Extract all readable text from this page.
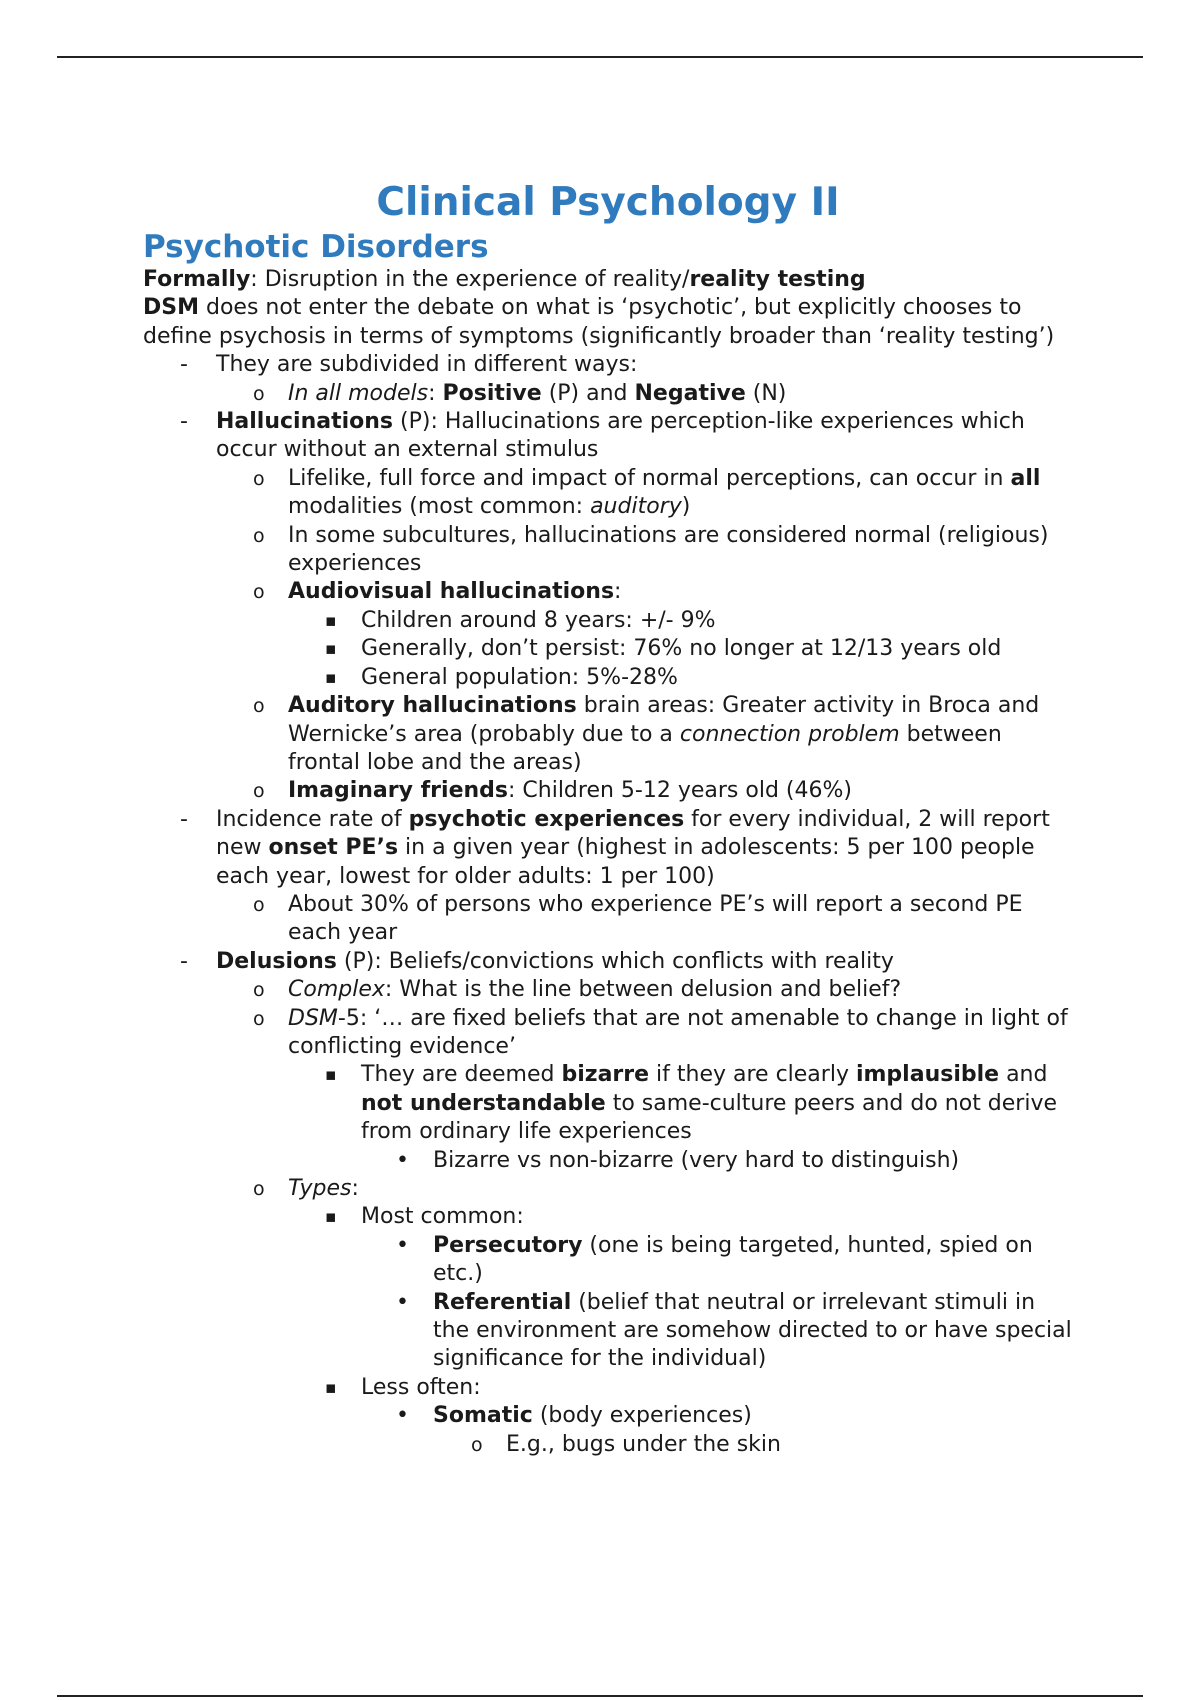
Clinical Psychology II
Psychotic Disorders

Formally: Disruption in the experience of reality/reality testing

DSM does not enter the debate on what is ‘psychotic’, but explicitly chooses to define psychosis in terms of symptoms (significantly broader than ‘reality testing’)

- They are subdivided in different ways:
o In all models: Positive (P) and Negative (N)
- Hallucinations (P): Hallucinations are perception-like experiences which occur without an external stimulus
o Lifelike, full force and impact of normal perceptions, can occur in all modalities (most common: auditory)
o In some subcultures, hallucinations are considered normal (religious) experiences
o Audiovisual hallucinations:
▪ Children around 8 years: +/- 9%
▪ Generally, don’t persist: 76% no longer at 12/13 years old
▪ General population: 5%-28%
o Auditory hallucinations brain areas: Greater activity in Broca and Wernicke’s area (probably due to a connection problem between frontal lobe and the areas)
o Imaginary friends: Children 5-12 years old (46%)
- Incidence rate of psychotic experiences for every individual, 2 will report new onset PE’s in a given year (highest in adolescents: 5 per 100 people each year, lowest for older adults: 1 per 100)
o About 30% of persons who experience PE’s will report a second PE each year
- Delusions (P): Beliefs/convictions which conflicts with reality
o Complex: What is the line between delusion and belief?
o DSM-5: ‘… are fixed beliefs that are not amenable to change in light of conflicting evidence’
▪ They are deemed bizarre if they are clearly implausible and not understandable to same-culture peers and do not derive from ordinary life experiences
• Bizarre vs non-bizarre (very hard to distinguish)
o Types:
▪ Most common:
• Persecutory (one is being targeted, hunted, spied on etc.)
• Referential (belief that neutral or irrelevant stimuli in the environment are somehow directed to or have special significance for the individual)
▪ Less often:
• Somatic (body experiences)
o E.g., bugs under the skin
